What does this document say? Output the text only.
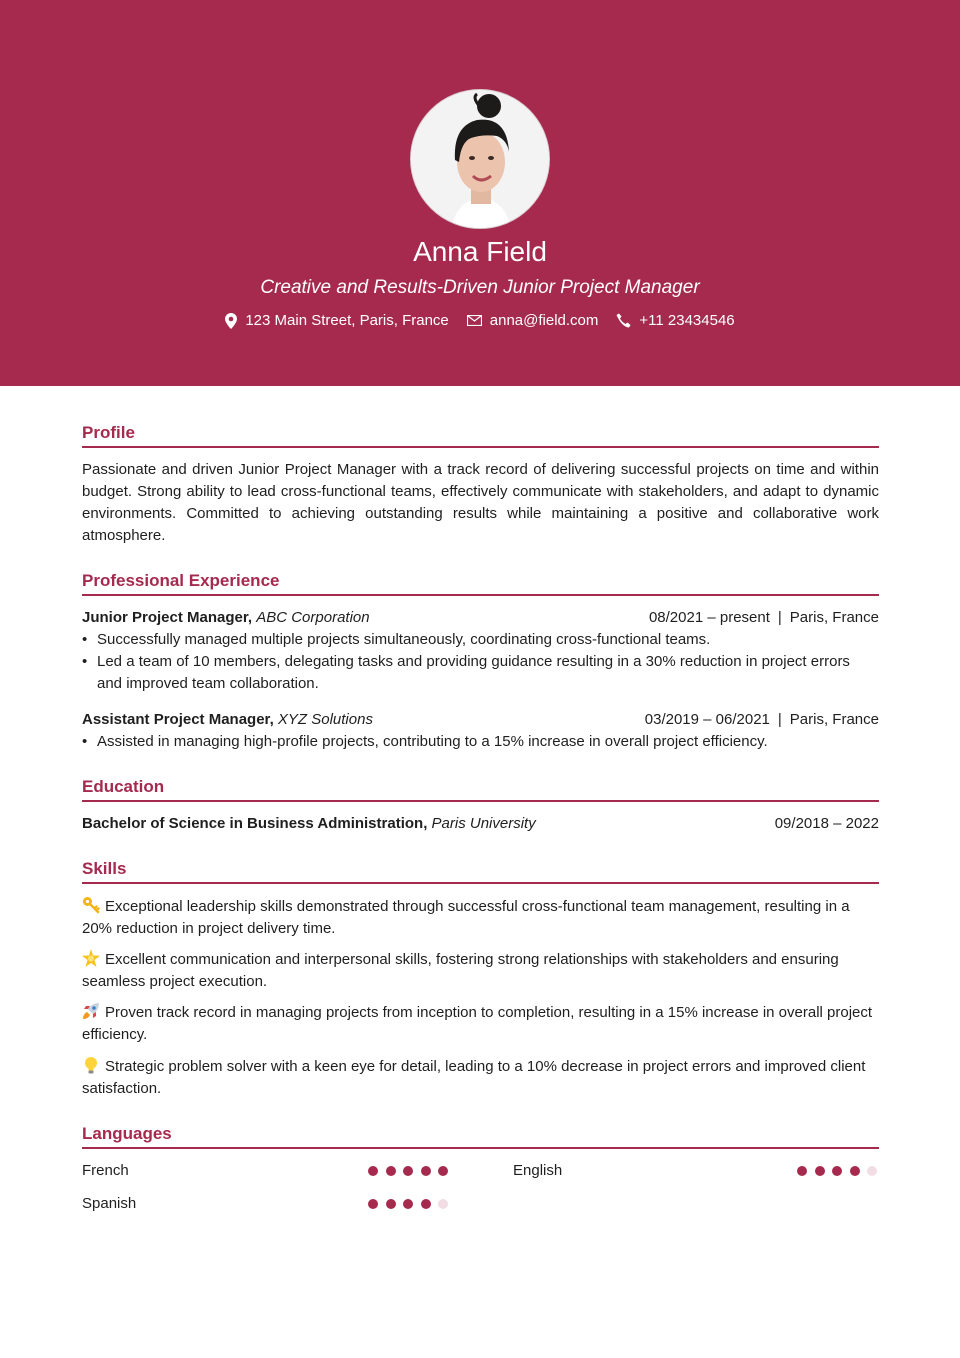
Anna Field
Creative and Results-Driven Junior Project Manager
123 Main Street, Paris, France	anna@field.com	+11 23434546
Profile
Passionate and driven Junior Project Manager with a track record of delivering successful projects on time and within budget. Strong ability to lead cross-functional teams, effectively communicate with stakeholders, and adapt to dynamic environments. Committed to achieving outstanding results while maintaining a positive and collaborative work atmosphere.
Professional Experience
Junior Project Manager, ABC Corporation	08/2021 – present | Paris, France
• Successfully managed multiple projects simultaneously, coordinating cross-functional teams.
• Led a team of 10 members, delegating tasks and providing guidance resulting in a 30% reduction in project errors and improved team collaboration.
Assistant Project Manager, XYZ Solutions	03/2019 – 06/2021 | Paris, France
• Assisted in managing high-profile projects, contributing to a 15% increase in overall project efficiency.
Education
Bachelor of Science in Business Administration, Paris University	09/2018 – 2022
Skills
Exceptional leadership skills demonstrated through successful cross-functional team management, resulting in a 20% reduction in project delivery time.
Excellent communication and interpersonal skills, fostering strong relationships with stakeholders and ensuring seamless project execution.
Proven track record in managing projects from inception to completion, resulting in a 15% increase in overall project efficiency.
Strategic problem solver with a keen eye for detail, leading to a 10% decrease in project errors and improved client satisfaction.
Languages
French	English
Spanish
